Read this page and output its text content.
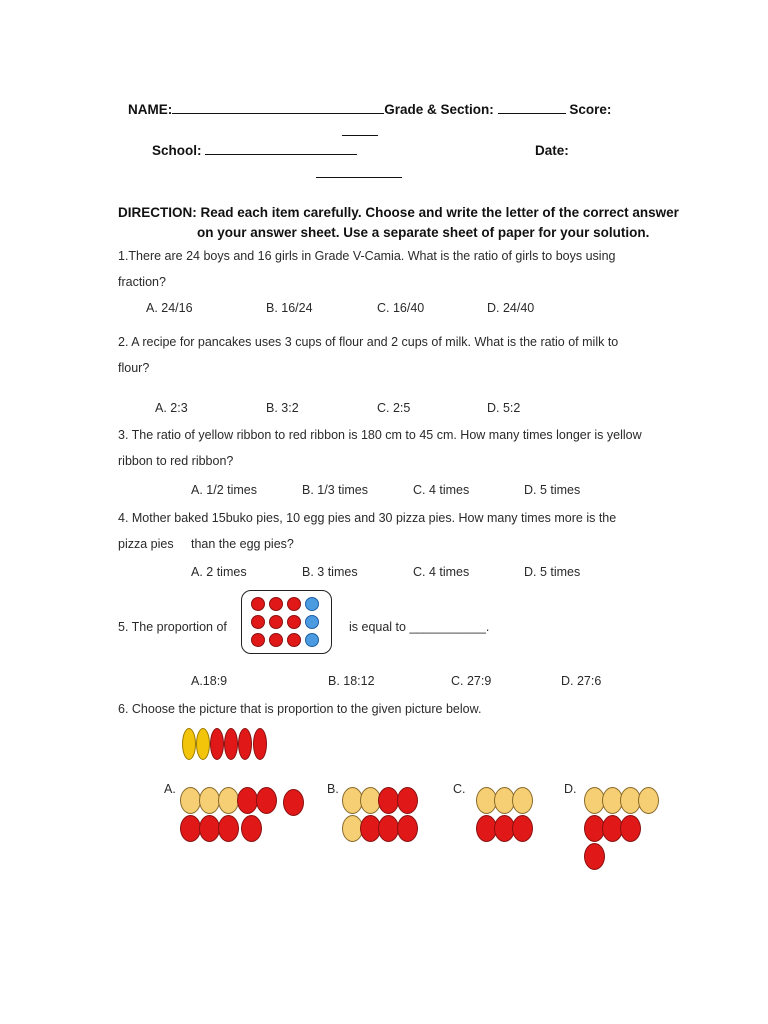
NAME:	Grade & Section:	Score:
School:	Date:
DIRECTION: Read each item carefully. Choose and write the letter of the correct answer
on your answer sheet. Use a separate sheet of paper for your solution.
1.There are 24 boys and 16 girls in Grade V-Camia. What is the ratio of girls to boys using
fraction?
A. 24/16	B. 16/24	C. 16/40	D. 24/40
2. A recipe for pancakes uses 3 cups of flour and 2 cups of milk. What is the ratio of milk to
flour?
A. 2:3	B. 3:2	C. 2:5	D. 5:2
3. The ratio of yellow ribbon to red ribbon is 180 cm to 45 cm. How many times longer is yellow
ribbon to red ribbon?
A. 1/2 times	B. 1/3 times	C. 4 times	D. 5 times
4. Mother baked 15buko pies, 10 egg pies and 30 pizza pies. How many times more is the
pizza pies than the egg pies?
A. 2 times	B. 3 times	C. 4 times	D. 5 times
5. The proportion of	is equal to ___________.
A.18:9	B. 18:12	C. 27:9	D. 27:6
6. Choose the picture that is proportion to the given picture below.
A.	B.	C.	D.
